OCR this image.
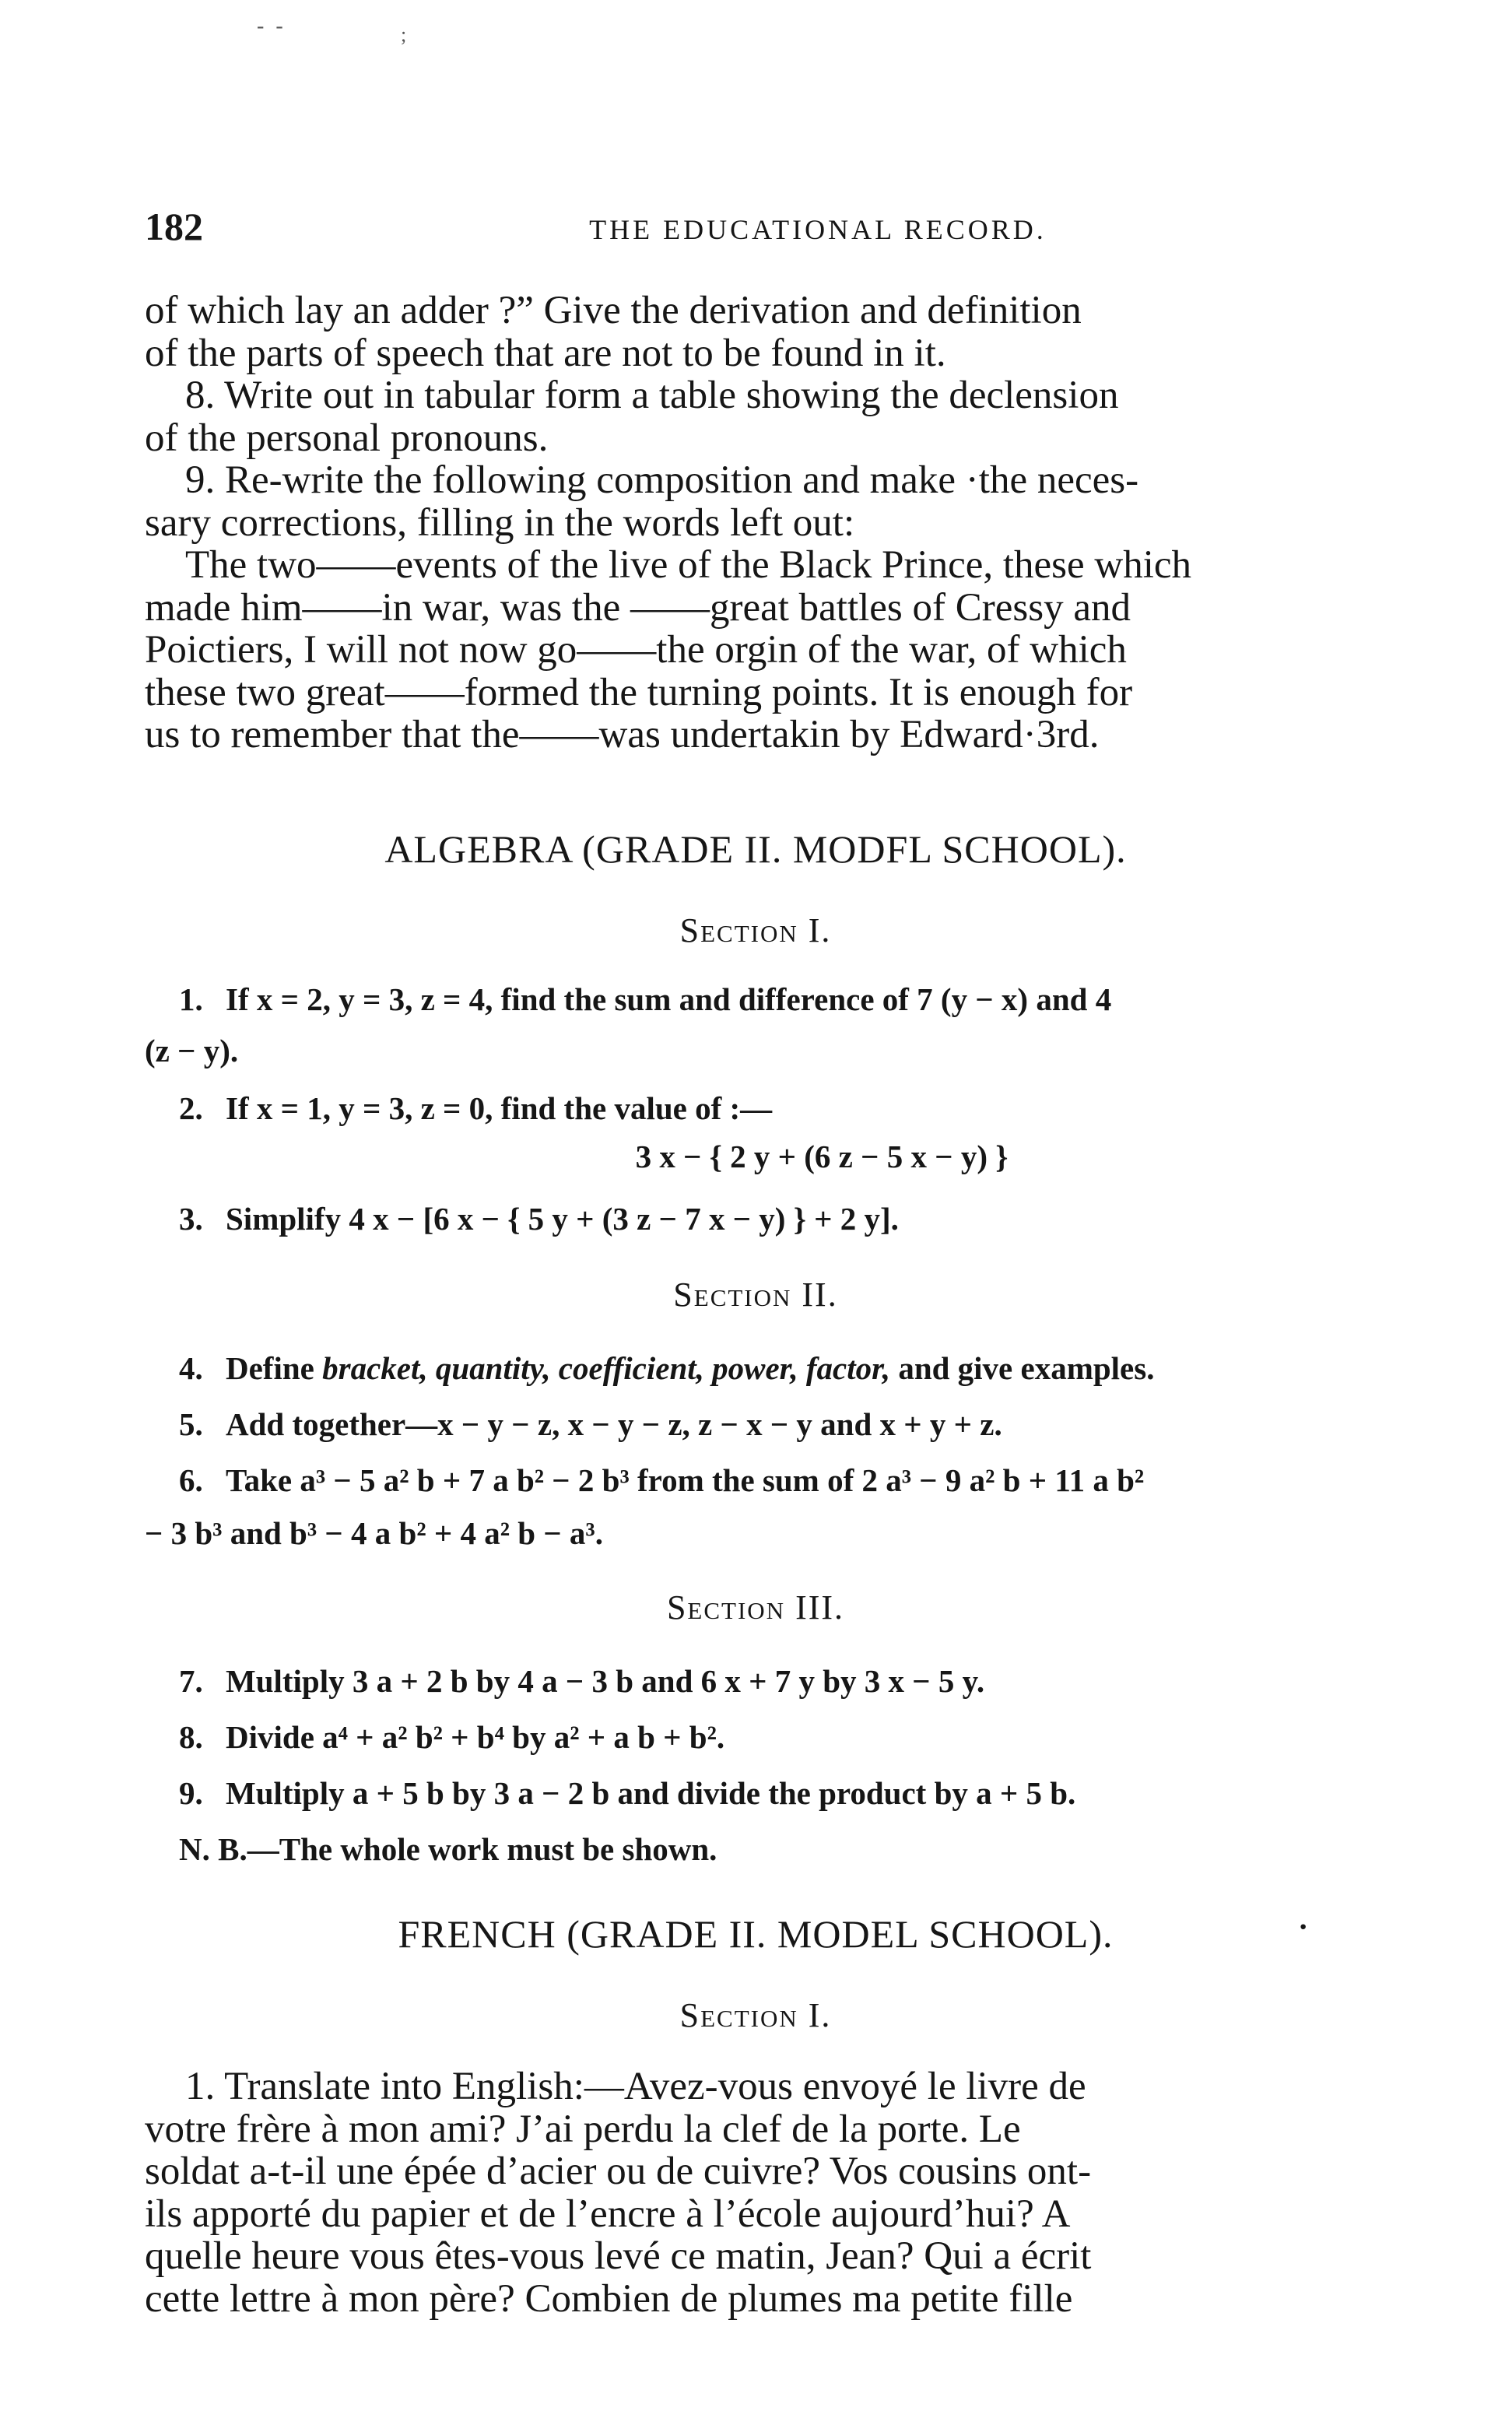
- -	;
182	THE EDUCATIONAL RECORD.

of which lay an adder ?” Give the derivation and definition

of the parts of speech that are not to be found in it.

8. Write out in tabular form a table showing the declension

of the personal pronouns.

9. Re-write the following composition and make ·the neces-

sary corrections, filling in the words left out:

The two——events of the live of the Black Prince, these which

made him——in war, was the ——great battles of Cressy and

Poictiers, I will not now go——the orgin of the war, of which

these two great——formed the turning points. It is enough for

us to remember that the——was undertakin by Edward·3rd.

ALGEBRA (GRADE II. MODFL SCHOOL).

Section I.

1. If x = 2, y = 3, z = 4, find the sum and difference of 7 (y − x) and 4

(z − y).

2. If x = 1, y = 3, z = 0, find the value of :—

3 x − { 2 y + (6 z − 5 x − y) }

3. Simplify 4 x − [6 x − { 5 y + (3 z − 7 x − y) } + 2 y].

Section II.

4. Define bracket, quantity, coefficient, power, factor, and give examples.

5. Add together—x − y − z, x − y − z, z − x − y and x + y + z.

6. Take a³ − 5 a² b + 7 a b² − 2 b³ from the sum of 2 a³ − 9 a² b + 11 a b²

− 3 b³ and b³ − 4 a b² + 4 a² b − a³.

Section III.

7. Multiply 3 a + 2 b by 4 a − 3 b and 6 x + 7 y by 3 x − 5 y.

8. Divide a⁴ + a² b² + b⁴ by a² + a b + b².

9. Multiply a + 5 b by 3 a − 2 b and divide the product by a + 5 b.

N. B.—The whole work must be shown.

FRENCH (GRADE II. MODEL SCHOOL).	·

Section I.

1. Translate into English:—Avez-vous envoyé le livre de

votre frère à mon ami? J’ai perdu la clef de la porte. Le

soldat a-t-il une épée d’acier ou de cuivre? Vos cousins ont-

ils apporté du papier et de l’encre à l’école aujourd’hui? A

quelle heure vous êtes-vous levé ce matin, Jean? Qui a écrit

cette lettre à mon père? Combien de plumes ma petite fille
